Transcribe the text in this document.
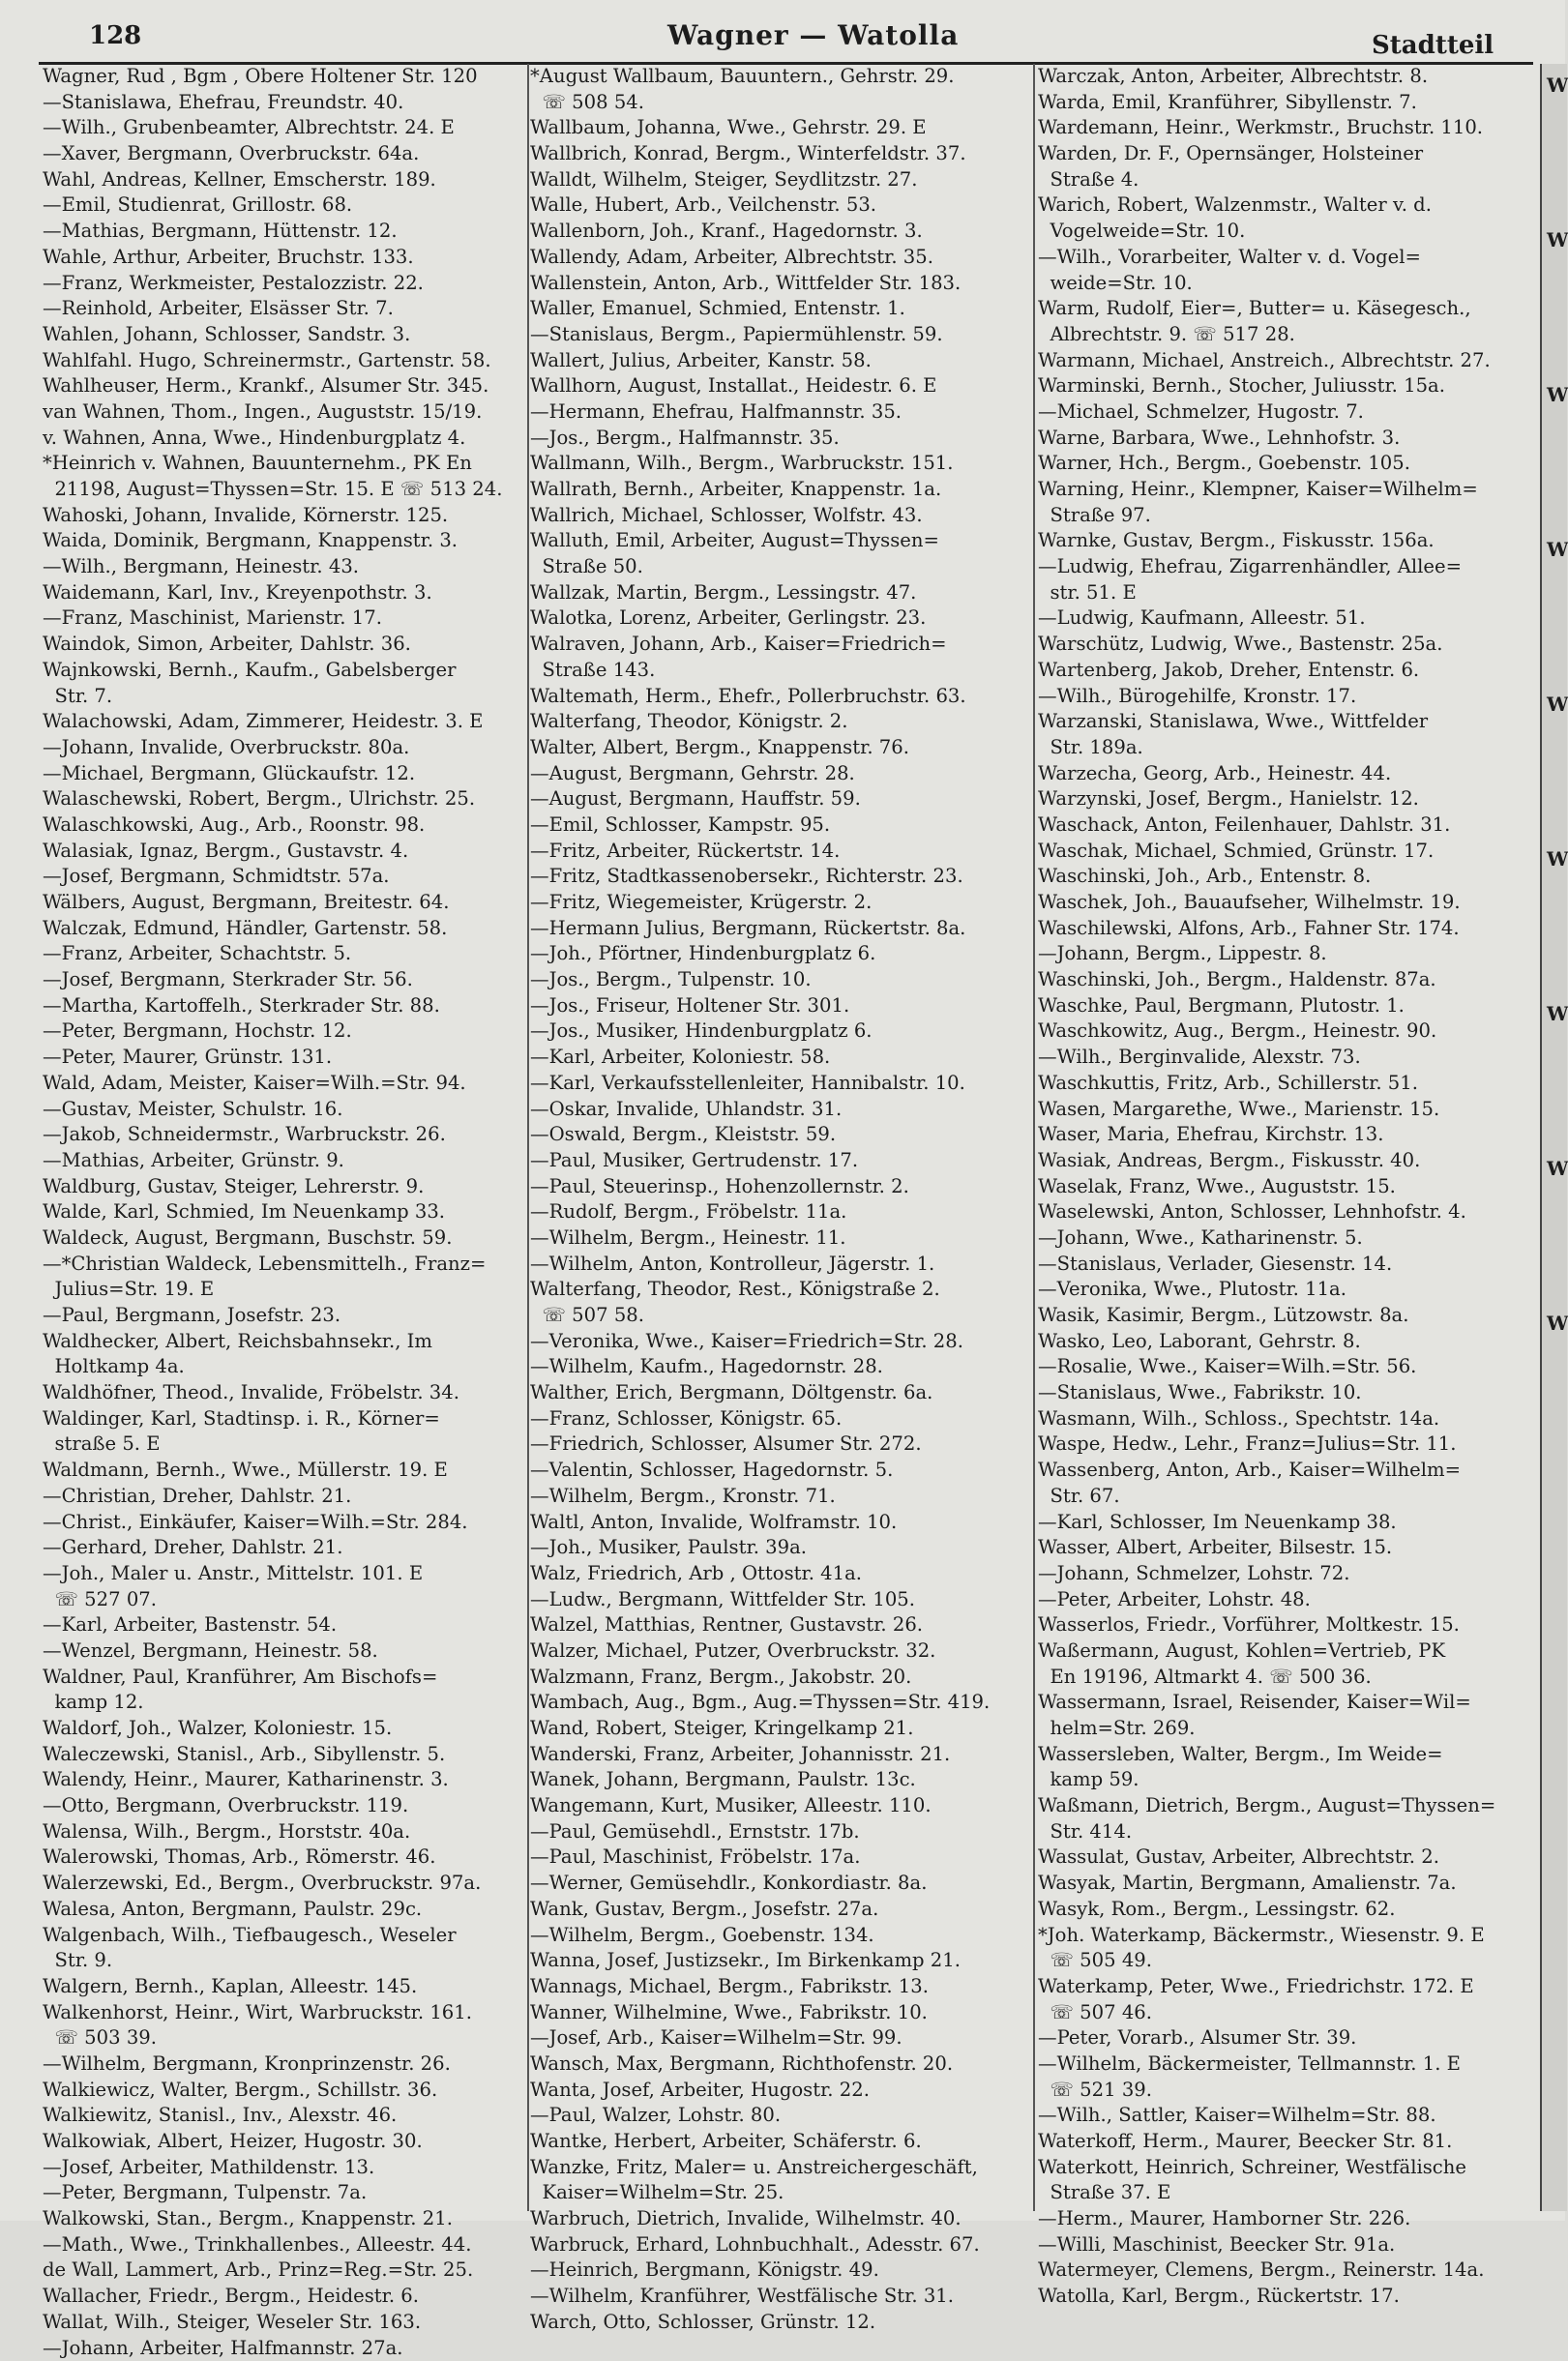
128	Wagner — Watolla	Stadtteil
Wagner, Rud , Bgm , Obere Holtener Str. 120
—Stanislawa, Ehefrau, Freundstr. 40.
—Wilh., Grubenbeamter, Albrechtstr. 24. E
—Xaver, Bergmann, Overbruckstr. 64a.
Wahl, Andreas, Kellner, Emscherstr. 189.
—Emil, Studienrat, Grillostr. 68.
—Mathias, Bergmann, Hüttenstr. 12.
Wahle, Arthur, Arbeiter, Bruchstr. 133.
—Franz, Werkmeister, Pestalozzistr. 22.
—Reinhold, Arbeiter, Elsässer Str. 7.
Wahlen, Johann, Schlosser, Sandstr. 3.
Wahlfahl. Hugo, Schreinermstr., Gartenstr. 58.
Wahlheuser, Herm., Krankf., Alsumer Str. 345.
van Wahnen, Thom., Ingen., Auguststr. 15/19.
v. Wahnen, Anna, Wwe., Hindenburgplatz 4.
*Heinrich v. Wahnen, Bauunternehm., PK En
21198, August=Thyssen=Str. 15. E ☏ 513 24.
Wahoski, Johann, Invalide, Körnerstr. 125.
Waida, Dominik, Bergmann, Knappenstr. 3.
—Wilh., Bergmann, Heinestr. 43.
Waidemann, Karl, Inv., Kreyenpothstr. 3.
—Franz, Maschinist, Marienstr. 17.
Waindok, Simon, Arbeiter, Dahlstr. 36.
Wajnkowski, Bernh., Kaufm., Gabelsberger
Str. 7.
Walachowski, Adam, Zimmerer, Heidestr. 3. E
—Johann, Invalide, Overbruckstr. 80a.
—Michael, Bergmann, Glückaufstr. 12.
Walaschewski, Robert, Bergm., Ulrichstr. 25.
Walaschkowski, Aug., Arb., Roonstr. 98.
Walasiak, Ignaz, Bergm., Gustavstr. 4.
—Josef, Bergmann, Schmidtstr. 57a.
Wälbers, August, Bergmann, Breitestr. 64.
Walczak, Edmund, Händler, Gartenstr. 58.
—Franz, Arbeiter, Schachtstr. 5.
—Josef, Bergmann, Sterkrader Str. 56.
—Martha, Kartoffelh., Sterkrader Str. 88.
—Peter, Bergmann, Hochstr. 12.
—Peter, Maurer, Grünstr. 131.
Wald, Adam, Meister, Kaiser=Wilh.=Str. 94.
—Gustav, Meister, Schulstr. 16.
—Jakob, Schneidermstr., Warbruckstr. 26.
—Mathias, Arbeiter, Grünstr. 9.
Waldburg, Gustav, Steiger, Lehrerstr. 9.
Walde, Karl, Schmied, Im Neuenkamp 33.
Waldeck, August, Bergmann, Buschstr. 59.
—*Christian Waldeck, Lebensmittelh., Franz=
Julius=Str. 19. E
—Paul, Bergmann, Josefstr. 23.
Waldhecker, Albert, Reichsbahnsekr., Im
Holtkamp 4a.
Waldhöfner, Theod., Invalide, Fröbelstr. 34.
Waldinger, Karl, Stadtinsp. i. R., Körner=
straße 5. E
Waldmann, Bernh., Wwe., Müllerstr. 19. E
—Christian, Dreher, Dahlstr. 21.
—Christ., Einkäufer, Kaiser=Wilh.=Str. 284.
—Gerhard, Dreher, Dahlstr. 21.
—Joh., Maler u. Anstr., Mittelstr. 101. E
☏ 527 07.
—Karl, Arbeiter, Bastenstr. 54.
—Wenzel, Bergmann, Heinestr. 58.
Waldner, Paul, Kranführer, Am Bischofs=
kamp 12.
Waldorf, Joh., Walzer, Koloniestr. 15.
Waleczewski, Stanisl., Arb., Sibyllenstr. 5.
Walendy, Heinr., Maurer, Katharinenstr. 3.
—Otto, Bergmann, Overbruckstr. 119.
Walensa, Wilh., Bergm., Horststr. 40a.
Walerowski, Thomas, Arb., Römerstr. 46.
Walerzewski, Ed., Bergm., Overbruckstr. 97a.
Walesa, Anton, Bergmann, Paulstr. 29c.
Walgenbach, Wilh., Tiefbaugesch., Weseler
Str. 9.
Walgern, Bernh., Kaplan, Alleestr. 145.
Walkenhorst, Heinr., Wirt, Warbruckstr. 161.
☏ 503 39.
—Wilhelm, Bergmann, Kronprinzenstr. 26.
Walkiewicz, Walter, Bergm., Schillstr. 36.
Walkiewitz, Stanisl., Inv., Alexstr. 46.
Walkowiak, Albert, Heizer, Hugostr. 30.
—Josef, Arbeiter, Mathildenstr. 13.
—Peter, Bergmann, Tulpenstr. 7a.
Walkowski, Stan., Bergm., Knappenstr. 21.
—Math., Wwe., Trinkhallenbes., Alleestr. 44.
de Wall, Lammert, Arb., Prinz=Reg.=Str. 25.
Wallacher, Friedr., Bergm., Heidestr. 6.
Wallat, Wilh., Steiger, Weseler Str. 163.
—Johann, Arbeiter, Halfmannstr. 27a.
*August Wallbaum, Bauuntern., Gehrstr. 29.
☏ 508 54.
Wallbaum, Johanna, Wwe., Gehrstr. 29. E
Wallbrich, Konrad, Bergm., Winterfeldstr. 37.
Walldt, Wilhelm, Steiger, Seydlitzstr. 27.
Walle, Hubert, Arb., Veilchenstr. 53.
Wallenborn, Joh., Kranf., Hagedornstr. 3.
Wallendy, Adam, Arbeiter, Albrechtstr. 35.
Wallenstein, Anton, Arb., Wittfelder Str. 183.
Waller, Emanuel, Schmied, Entenstr. 1.
—Stanislaus, Bergm., Papiermühlenstr. 59.
Wallert, Julius, Arbeiter, Kanstr. 58.
Wallhorn, August, Installat., Heidestr. 6. E
—Hermann, Ehefrau, Halfmannstr. 35.
—Jos., Bergm., Halfmannstr. 35.
Wallmann, Wilh., Bergm., Warbruckstr. 151.
Wallrath, Bernh., Arbeiter, Knappenstr. 1a.
Wallrich, Michael, Schlosser, Wolfstr. 43.
Walluth, Emil, Arbeiter, August=Thyssen=
Straße 50.
Wallzak, Martin, Bergm., Lessingstr. 47.
Walotka, Lorenz, Arbeiter, Gerlingstr. 23.
Walraven, Johann, Arb., Kaiser=Friedrich=
Straße 143.
Waltemath, Herm., Ehefr., Pollerbruchstr. 63.
Walterfang, Theodor, Königstr. 2.
Walter, Albert, Bergm., Knappenstr. 76.
—August, Bergmann, Gehrstr. 28.
—August, Bergmann, Hauffstr. 59.
—Emil, Schlosser, Kampstr. 95.
—Fritz, Arbeiter, Rückertstr. 14.
—Fritz, Stadtkassenobersekr., Richterstr. 23.
—Fritz, Wiegemeister, Krügerstr. 2.
—Hermann Julius, Bergmann, Rückertstr. 8a.
—Joh., Pförtner, Hindenburgplatz 6.
—Jos., Bergm., Tulpenstr. 10.
—Jos., Friseur, Holtener Str. 301.
—Jos., Musiker, Hindenburgplatz 6.
—Karl, Arbeiter, Koloniestr. 58.
—Karl, Verkaufsstellenleiter, Hannibalstr. 10.
—Oskar, Invalide, Uhlandstr. 31.
—Oswald, Bergm., Kleiststr. 59.
—Paul, Musiker, Gertrudenstr. 17.
—Paul, Steuerinsp., Hohenzollernstr. 2.
—Rudolf, Bergm., Fröbelstr. 11a.
—Wilhelm, Bergm., Heinestr. 11.
—Wilhelm, Anton, Kontrolleur, Jägerstr. 1.
Walterfang, Theodor, Rest., Königstraße 2.
☏ 507 58.
—Veronika, Wwe., Kaiser=Friedrich=Str. 28.
—Wilhelm, Kaufm., Hagedornstr. 28.
Walther, Erich, Bergmann, Döltgenstr. 6a.
—Franz, Schlosser, Königstr. 65.
—Friedrich, Schlosser, Alsumer Str. 272.
—Valentin, Schlosser, Hagedornstr. 5.
—Wilhelm, Bergm., Kronstr. 71.
Waltl, Anton, Invalide, Wolframstr. 10.
—Joh., Musiker, Paulstr. 39a.
Walz, Friedrich, Arb , Ottostr. 41a.
—Ludw., Bergmann, Wittfelder Str. 105.
Walzel, Matthias, Rentner, Gustavstr. 26.
Walzer, Michael, Putzer, Overbruckstr. 32.
Walzmann, Franz, Bergm., Jakobstr. 20.
Wambach, Aug., Bgm., Aug.=Thyssen=Str. 419.
Wand, Robert, Steiger, Kringelkamp 21.
Wanderski, Franz, Arbeiter, Johannisstr. 21.
Wanek, Johann, Bergmann, Paulstr. 13c.
Wangemann, Kurt, Musiker, Alleestr. 110.
—Paul, Gemüsehdl., Ernststr. 17b.
—Paul, Maschinist, Fröbelstr. 17a.
—Werner, Gemüsehdlr., Konkordiastr. 8a.
Wank, Gustav, Bergm., Josefstr. 27a.
—Wilhelm, Bergm., Goebenstr. 134.
Wanna, Josef, Justizsekr., Im Birkenkamp 21.
Wannags, Michael, Bergm., Fabrikstr. 13.
Wanner, Wilhelmine, Wwe., Fabrikstr. 10.
—Josef, Arb., Kaiser=Wilhelm=Str. 99.
Wansch, Max, Bergmann, Richthofenstr. 20.
Wanta, Josef, Arbeiter, Hugostr. 22.
—Paul, Walzer, Lohstr. 80.
Wantke, Herbert, Arbeiter, Schäferstr. 6.
Wanzke, Fritz, Maler= u. Anstreichergeschäft,
Kaiser=Wilhelm=Str. 25.
Warbruch, Dietrich, Invalide, Wilhelmstr. 40.
Warbruck, Erhard, Lohnbuchhalt., Adesstr. 67.
—Heinrich, Bergmann, Königstr. 49.
—Wilhelm, Kranführer, Westfälische Str. 31.
Warch, Otto, Schlosser, Grünstr. 12.
Warczak, Anton, Arbeiter, Albrechtstr. 8.
Warda, Emil, Kranführer, Sibyllenstr. 7.
Wardemann, Heinr., Werkmstr., Bruchstr. 110.
Warden, Dr. F., Opernsänger, Holsteiner
Straße 4.
Warich, Robert, Walzenmstr., Walter v. d.
Vogelweide=Str. 10.
—Wilh., Vorarbeiter, Walter v. d. Vogel=
weide=Str. 10.
Warm, Rudolf, Eier=, Butter= u. Käsegesch.,
Albrechtstr. 9. ☏ 517 28.
Warmann, Michael, Anstreich., Albrechtstr. 27.
Warminski, Bernh., Stocher, Juliusstr. 15a.
—Michael, Schmelzer, Hugostr. 7.
Warne, Barbara, Wwe., Lehnhofstr. 3.
Warner, Hch., Bergm., Goebenstr. 105.
Warning, Heinr., Klempner, Kaiser=Wilhelm=
Straße 97.
Warnke, Gustav, Bergm., Fiskusstr. 156a.
—Ludwig, Ehefrau, Zigarrenhändler, Allee=
str. 51. E
—Ludwig, Kaufmann, Alleestr. 51.
Warschütz, Ludwig, Wwe., Bastenstr. 25a.
Wartenberg, Jakob, Dreher, Entenstr. 6.
—Wilh., Bürogehilfe, Kronstr. 17.
Warzanski, Stanislawa, Wwe., Wittfelder
Str. 189a.
Warzecha, Georg, Arb., Heinestr. 44.
Warzynski, Josef, Bergm., Hanielstr. 12.
Waschack, Anton, Feilenhauer, Dahlstr. 31.
Waschak, Michael, Schmied, Grünstr. 17.
Waschinski, Joh., Arb., Entenstr. 8.
Waschek, Joh., Bauaufseher, Wilhelmstr. 19.
Waschilewski, Alfons, Arb., Fahner Str. 174.
—Johann, Bergm., Lippestr. 8.
Waschinski, Joh., Bergm., Haldenstr. 87a.
Waschke, Paul, Bergmann, Plutostr. 1.
Waschkowitz, Aug., Bergm., Heinestr. 90.
—Wilh., Berginvalide, Alexstr. 73.
Waschkuttis, Fritz, Arb., Schillerstr. 51.
Wasen, Margarethe, Wwe., Marienstr. 15.
Waser, Maria, Ehefrau, Kirchstr. 13.
Wasiak, Andreas, Bergm., Fiskusstr. 40.
Waselak, Franz, Wwe., Auguststr. 15.
Waselewski, Anton, Schlosser, Lehnhofstr. 4.
—Johann, Wwe., Katharinenstr. 5.
—Stanislaus, Verlader, Giesenstr. 14.
—Veronika, Wwe., Plutostr. 11a.
Wasik, Kasimir, Bergm., Lützowstr. 8a.
Wasko, Leo, Laborant, Gehrstr. 8.
—Rosalie, Wwe., Kaiser=Wilh.=Str. 56.
—Stanislaus, Wwe., Fabrikstr. 10.
Wasmann, Wilh., Schloss., Spechtstr. 14a.
Waspe, Hedw., Lehr., Franz=Julius=Str. 11.
Wassenberg, Anton, Arb., Kaiser=Wilhelm=
Str. 67.
—Karl, Schlosser, Im Neuenkamp 38.
Wasser, Albert, Arbeiter, Bilsestr. 15.
—Johann, Schmelzer, Lohstr. 72.
—Peter, Arbeiter, Lohstr. 48.
Wasserlos, Friedr., Vorführer, Moltkestr. 15.
Waßermann, August, Kohlen=Vertrieb, PK
En 19196, Altmarkt 4. ☏ 500 36.
Wassermann, Israel, Reisender, Kaiser=Wil=
helm=Str. 269.
Wassersleben, Walter, Bergm., Im Weide=
kamp 59.
Waßmann, Dietrich, Bergm., August=Thyssen=
Str. 414.
Wassulat, Gustav, Arbeiter, Albrechtstr. 2.
Wasyak, Martin, Bergmann, Amalienstr. 7a.
Wasyk, Rom., Bergm., Lessingstr. 62.
*Joh. Waterkamp, Bäckermstr., Wiesenstr. 9. E
☏ 505 49.
Waterkamp, Peter, Wwe., Friedrichstr. 172. E
☏ 507 46.
—Peter, Vorarb., Alsumer Str. 39.
—Wilhelm, Bäckermeister, Tellmannstr. 1. E
☏ 521 39.
—Wilh., Sattler, Kaiser=Wilhelm=Str. 88.
Waterkoff, Herm., Maurer, Beecker Str. 81.
Waterkott, Heinrich, Schreiner, Westfälische
Straße 37. E
—Herm., Maurer, Hamborner Str. 226.
—Willi, Maschinist, Beecker Str. 91a.
Watermeyer, Clemens, Bergm., Reinerstr. 14a.
Watolla, Karl, Bergm., Rückertstr. 17.
W
W
W
W
W
W
W
W
W
